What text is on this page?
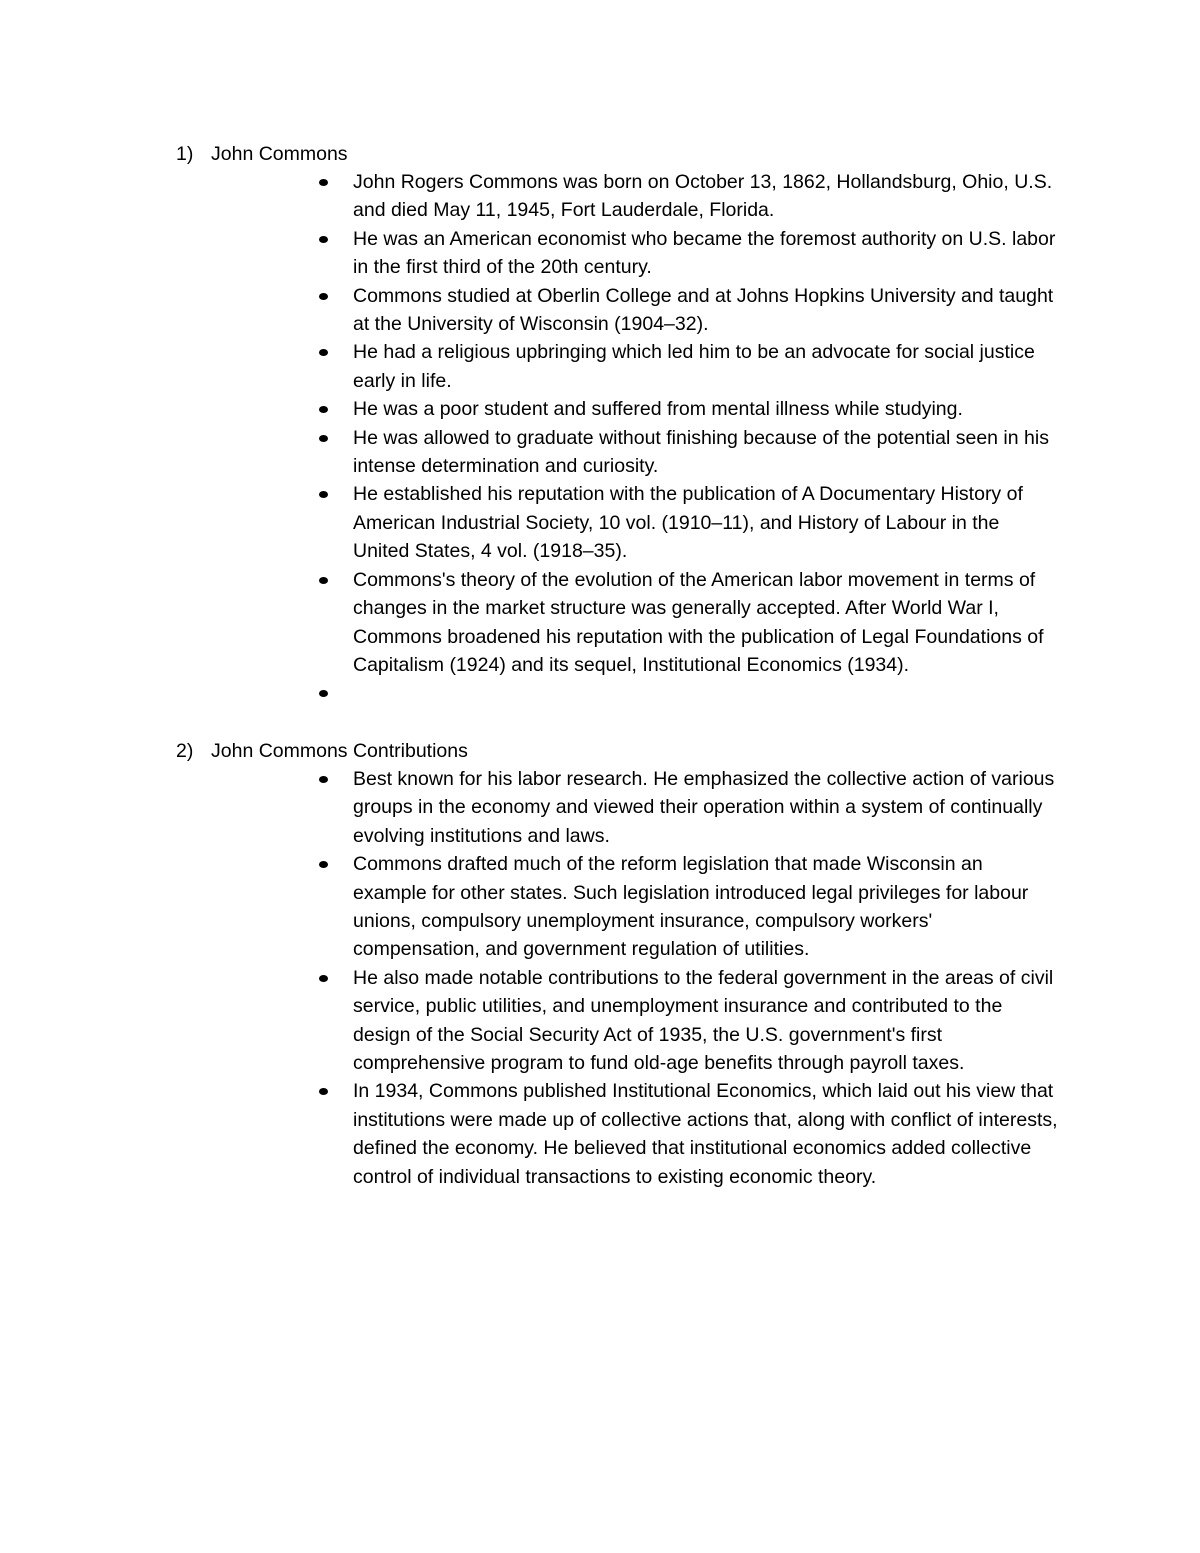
1) John Commons
John Rogers Commons was born on October 13, 1862, Hollandsburg, Ohio, U.S. and died May 11, 1945, Fort Lauderdale, Florida.
He was an American economist who became the foremost authority on U.S. labor in the first third of the 20th century.
Commons studied at Oberlin College and at Johns Hopkins University and taught at the University of Wisconsin (1904–32).
He had a religious upbringing which led him to be an advocate for social justice early in life.
He was a poor student and suffered from mental illness while studying.
He was allowed to graduate without finishing because of the potential seen in his intense determination and curiosity.
He established his reputation with the publication of A Documentary History of American Industrial Society, 10 vol. (1910–11), and History of Labour in the United States, 4 vol. (1918–35).
Commons's theory of the evolution of the American labor movement in terms of changes in the market structure was generally accepted. After World War I, Commons broadened his reputation with the publication of Legal Foundations of Capitalism (1924) and its sequel, Institutional Economics (1934).
2) John Commons Contributions
Best known for his labor research. He emphasized the collective action of various groups in the economy and viewed their operation within a system of continually evolving institutions and laws.
Commons drafted much of the reform legislation that made Wisconsin an example for other states. Such legislation introduced legal privileges for labour unions, compulsory unemployment insurance, compulsory workers' compensation, and government regulation of utilities.
He also made notable contributions to the federal government in the areas of civil service, public utilities, and unemployment insurance and contributed to the design of the Social Security Act of 1935, the U.S. government's first comprehensive program to fund old-age benefits through payroll taxes.
In 1934, Commons published Institutional Economics, which laid out his view that institutions were made up of collective actions that, along with conflict of interests, defined the economy. He believed that institutional economics added collective control of individual transactions to existing economic theory.
